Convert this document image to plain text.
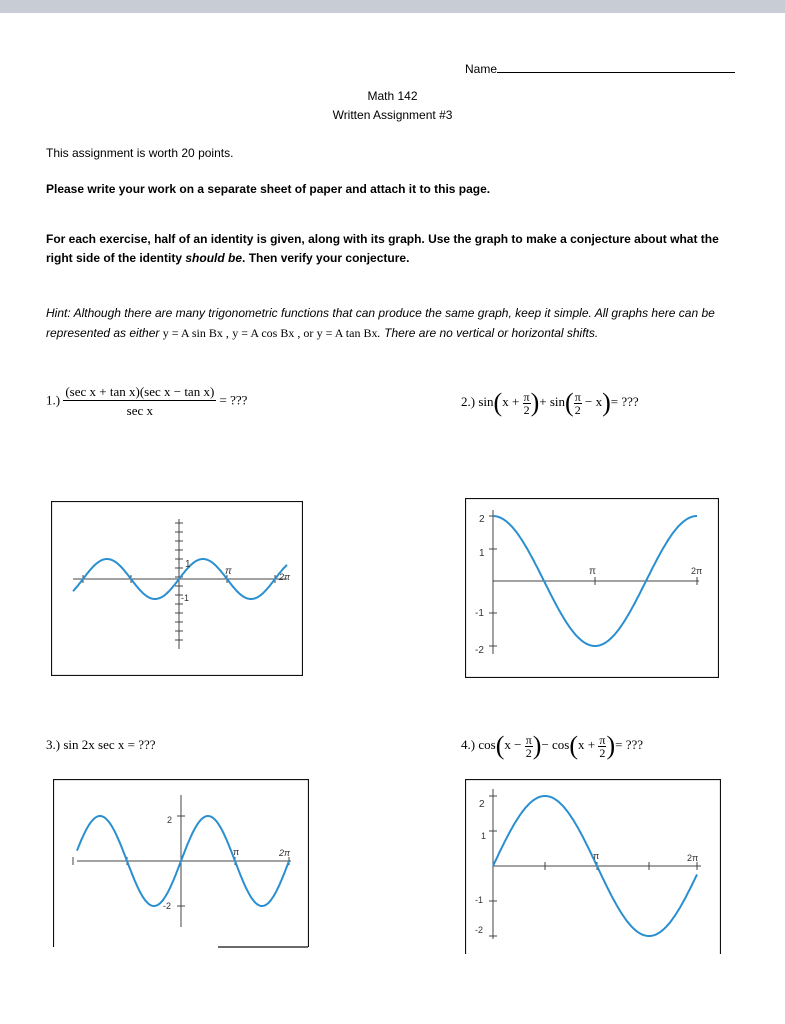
Name
Math 142
Written Assignment #3
This assignment is worth 20 points.
Please write your work on a separate sheet of paper and attach it to this page.
For each exercise, half of an identity is given, along with its graph. Use the graph to make a conjecture about what the right side of the identity should be. Then verify your conjecture.
Hint: Although there are many trigonometric functions that can produce the same graph, keep it simple. All graphs here can be represented as either y = A sin Bx , y = A cos Bx , or y = A tan Bx. There are no vertical or horizontal shifts.
$1.) \frac{\text{(sec x + tan x)(sec x − tan x)}}{\text{sec x}}$ = ???	2.) $\sin(x + \frac{\pi}{2})+ \sin( \frac{\pi}{2} - x)=$ ???
1
-1
π	2π
2
1
-1
-2
π	2π
3.) sin 2x sec x = ???	4.) $\cos(x - \frac{\pi}{2})- \cos(x + \frac{\pi}{2})=$ ???
2
-2
π	2π
2
1
-1
-2
π	2π
